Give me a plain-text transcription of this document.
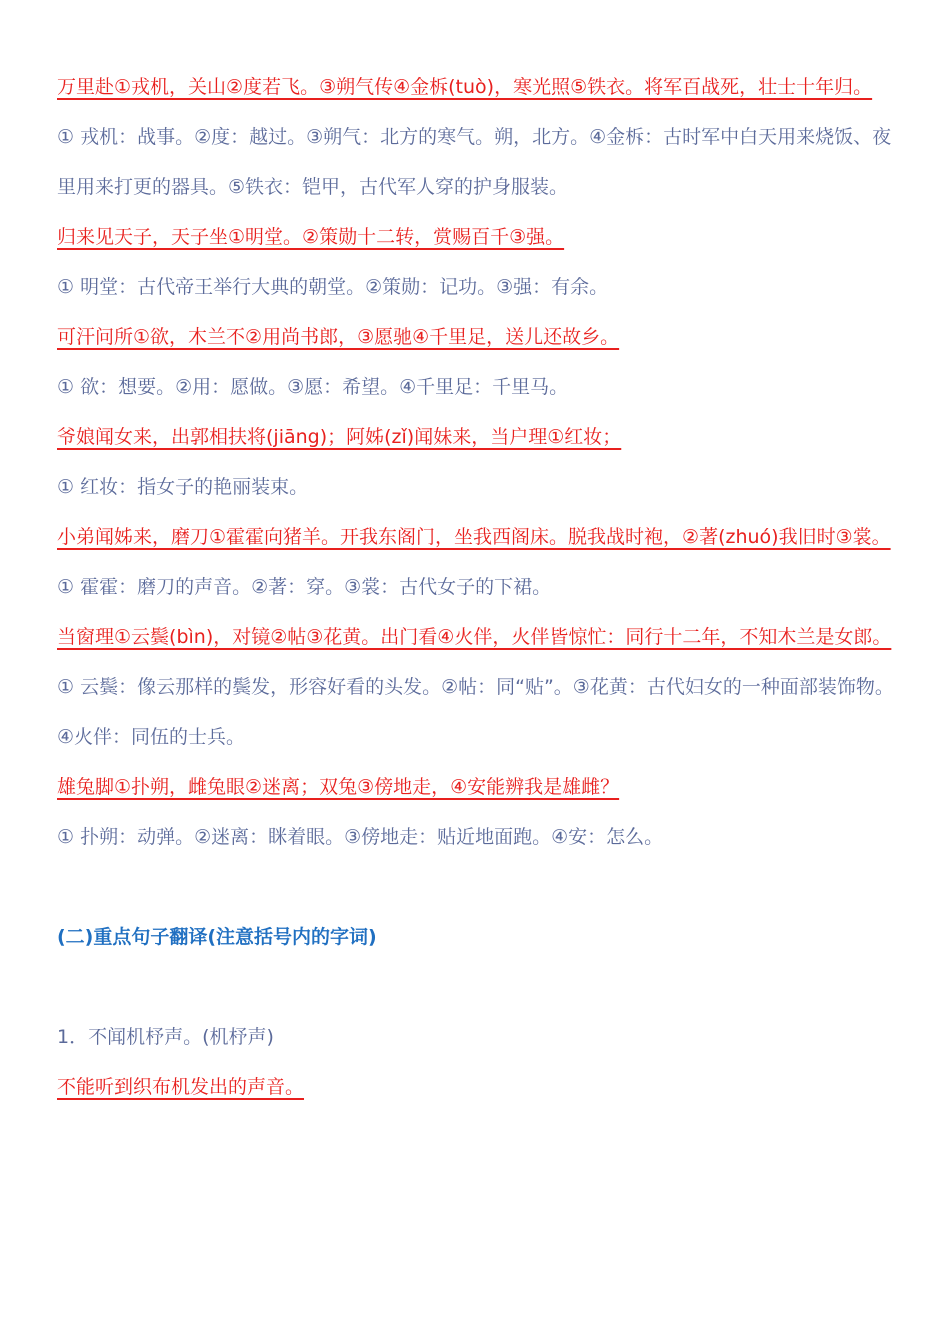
万里赴①戎机，关山②度若飞。③朔气传④金柝(tuò)，寒光照⑤铁衣。将军百战死，壮士十年归。

① 戎机：战事。②度：越过。③朔气：北方的寒气。朔，北方。④金柝：古时军中白天用来烧饭、夜里用来打更的器具。⑤铁衣：铠甲，古代军人穿的护身服装。

归来见天子，天子坐①明堂。②策勋十二转，赏赐百千③强。

① 明堂：古代帝王举行大典的朝堂。②策勋：记功。③强：有余。

可汗问所①欲，木兰不②用尚书郎，③愿驰④千里足，送儿还故乡。

① 欲：想要。②用：愿做。③愿：希望。④千里足：千里马。

爷娘闻女来，出郭相扶将(jiāng)；阿姊(zǐ)闻妹来，当户理①红妆；

① 红妆：指女子的艳丽装束。

小弟闻姊来，磨刀①霍霍向猪羊。开我东阁门，坐我西阁床。脱我战时袍，②著(zhuó)我旧时③裳。

① 霍霍：磨刀的声音。②著：穿。③裳：古代女子的下裙。

当窗理①云鬓(bìn)，对镜②帖③花黄。出门看④火伴，火伴皆惊忙：同行十二年，不知木兰是女郎。

① 云鬓：像云那样的鬓发，形容好看的头发。②帖：同“贴”。③花黄：古代妇女的一种面部装饰物。④火伴：同伍的士兵。

雄兔脚①扑朔，雌兔眼②迷离；双兔③傍地走，④安能辨我是雄雌？

① 扑朔：动弹。②迷离：眯着眼。③傍地走：贴近地面跑。④安：怎么。

(二)重点句子翻译(注意括号内的字词)

1．不闻机杼声。(机杼声)

不能听到织布机发出的声音。
